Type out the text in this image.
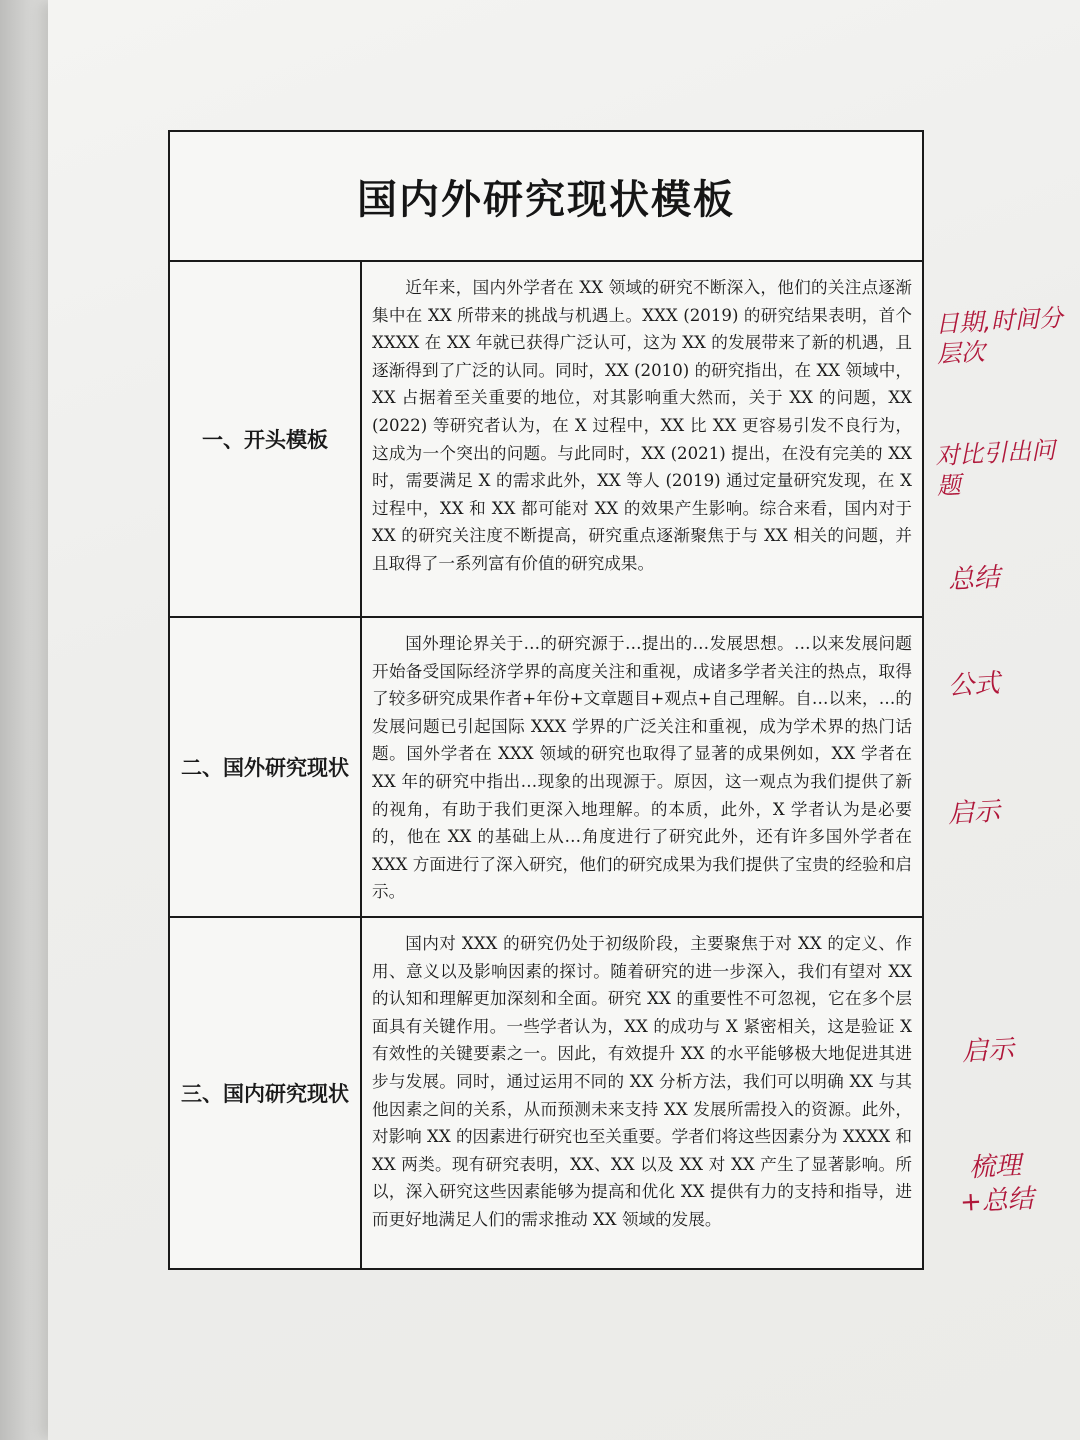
国内外研究现状模板
一、开头模板
近年来，国内外学者在 XX 领域的研究不断深入，他们的关注点逐渐集中在 XX 所带来的挑战与机遇上。XXX (2019) 的研究结果表明，首个 XXXX 在 XX 年就已获得广泛认可，这为 XX 的发展带来了新的机遇，且逐渐得到了广泛的认同。同时，XX (2010) 的研究指出，在 XX 领域中，XX 占据着至关重要的地位，对其影响重大然而，关于 XX 的问题，XX (2022) 等研究者认为，在 X 过程中，XX 比 XX 更容易引发不良行为，这成为一个突出的问题。与此同时，XX (2021) 提出，在没有完美的 XX 时，需要满足 X 的需求此外，XX 等人 (2019) 通过定量研究发现，在 X 过程中，XX 和 XX 都可能对 XX 的效果产生影响。综合来看，国内对于 XX 的研究关注度不断提高，研究重点逐渐聚焦于与 XX 相关的问题，并且取得了一系列富有价值的研究成果。
二、国外研究现状
国外理论界关于…的研究源于…提出的…发展思想。…以来发展问题开始备受国际经济学界的高度关注和重视，成诸多学者关注的热点，取得了较多研究成果作者+年份+文章题目+观点+自己理解。自…以来，…的发展问题已引起国际 XXX 学界的广泛关注和重视，成为学术界的热门话题。国外学者在 XXX 领域的研究也取得了显著的成果例如，XX 学者在 XX 年的研究中指出…现象的出现源于。原因，这一观点为我们提供了新的视角，有助于我们更深入地理解。的本质，此外，X 学者认为是必要的，他在 XX 的基础上从…角度进行了研究此外，还有许多国外学者在 XXX 方面进行了深入研究，他们的研究成果为我们提供了宝贵的经验和启示。
三、国内研究现状
国内对 XXX 的研究仍处于初级阶段，主要聚焦于对 XX 的定义、作用、意义以及影响因素的探讨。随着研究的进一步深入，我们有望对 XX 的认知和理解更加深刻和全面。研究 XX 的重要性不可忽视，它在多个层面具有关键作用。一些学者认为，XX 的成功与 X 紧密相关，这是验证 X 有效性的关键要素之一。因此，有效提升 XX 的水平能够极大地促进其进步与发展。同时，通过运用不同的 XX 分析方法，我们可以明确 XX 与其他因素之间的关系，从而预测未来支持 XX 发展所需投入的资源。此外，对影响 XX 的因素进行研究也至关重要。学者们将这些因素分为 XXXX 和 XX 两类。现有研究表明，XX、XX 以及 XX 对 XX 产生了显著影响。所以，深入研究这些因素能够为提高和优化 XX 提供有力的支持和指导，进而更好地满足人们的需求推动 XX 领域的发展。
日期,时间分层次
对比引出问题
总结
公式
启示
启示
梳理+总结
